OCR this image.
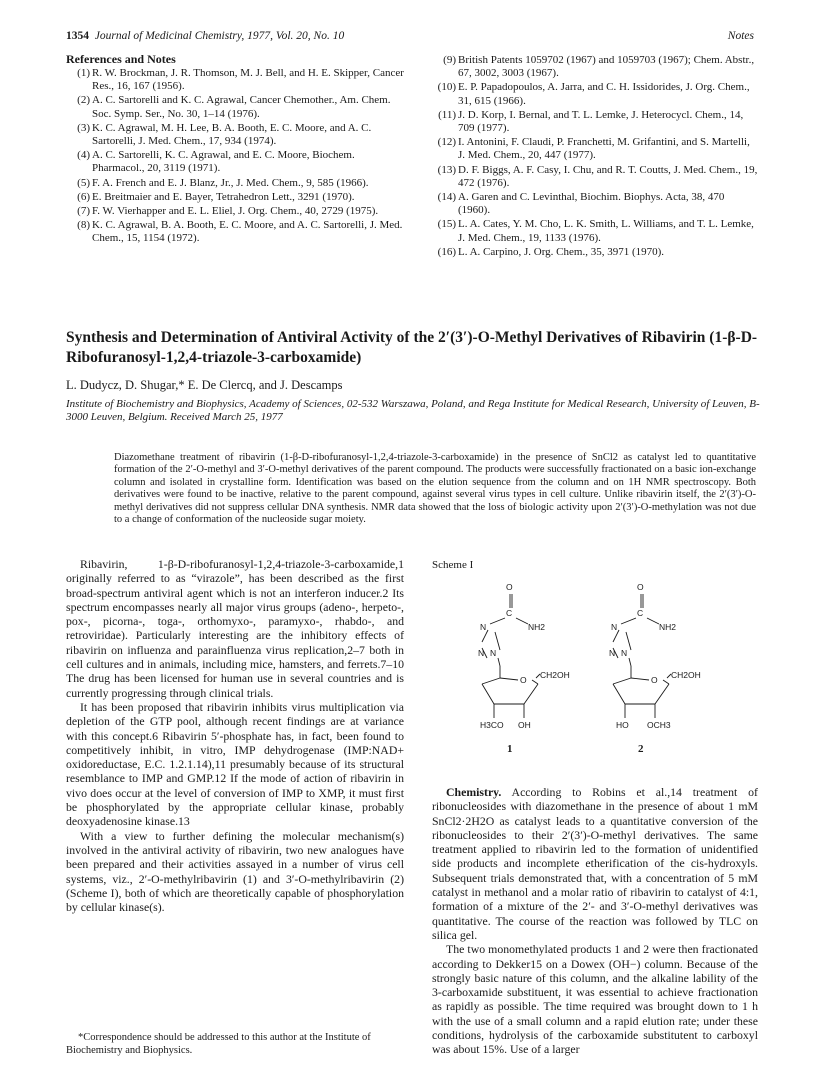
1354 Journal of Medicinal Chemistry, 1977, Vol. 20, No. 10	Notes
References and Notes
(1) R. W. Brockman, J. R. Thomson, M. J. Bell, and H. E. Skipper, Cancer Res., 16, 167 (1956).
(2) A. C. Sartorelli and K. C. Agrawal, Cancer Chemother., Am. Chem. Soc. Symp. Ser., No. 30, 1–14 (1976).
(3) K. C. Agrawal, M. H. Lee, B. A. Booth, E. C. Moore, and A. C. Sartorelli, J. Med. Chem., 17, 934 (1974).
(4) A. C. Sartorelli, K. C. Agrawal, and E. C. Moore, Biochem. Pharmacol., 20, 3119 (1971).
(5) F. A. French and E. J. Blanz, Jr., J. Med. Chem., 9, 585 (1966).
(6) E. Breitmaier and E. Bayer, Tetrahedron Lett., 3291 (1970).
(7) F. W. Vierhapper and E. L. Eliel, J. Org. Chem., 40, 2729 (1975).
(8) K. C. Agrawal, B. A. Booth, E. C. Moore, and A. C. Sartorelli, J. Med. Chem., 15, 1154 (1972).
(9) British Patents 1059702 (1967) and 1059703 (1967); Chem. Abstr., 67, 3002, 3003 (1967).
(10) E. P. Papadopoulos, A. Jarra, and C. H. Issidorides, J. Org. Chem., 31, 615 (1966).
(11) J. D. Korp, I. Bernal, and T. L. Lemke, J. Heterocycl. Chem., 14, 709 (1977).
(12) I. Antonini, F. Claudi, P. Franchetti, M. Grifantini, and S. Martelli, J. Med. Chem., 20, 447 (1977).
(13) D. F. Biggs, A. F. Casy, I. Chu, and R. T. Coutts, J. Med. Chem., 19, 472 (1976).
(14) A. Garen and C. Levinthal, Biochim. Biophys. Acta, 38, 470 (1960).
(15) L. A. Cates, Y. M. Cho, L. K. Smith, L. Williams, and T. L. Lemke, J. Med. Chem., 19, 1133 (1976).
(16) L. A. Carpino, J. Org. Chem., 35, 3971 (1970).
Synthesis and Determination of Antiviral Activity of the 2′(3′)-O-Methyl Derivatives of Ribavirin (1-β-D-Ribofuranosyl-1,2,4-triazole-3-carboxamide)
L. Dudycz, D. Shugar,* E. De Clercq, and J. Descamps
Institute of Biochemistry and Biophysics, Academy of Sciences, 02-532 Warszawa, Poland, and Rega Institute for Medical Research, University of Leuven, B-3000 Leuven, Belgium. Received March 25, 1977

Diazomethane treatment of ribavirin (1-β-D-ribofuranosyl-1,2,4-triazole-3-carboxamide) in the presence of SnCl2 as catalyst led to quantitative formation of the 2′-O-methyl and 3′-O-methyl derivatives of the parent compound. The products were successfully fractionated on a basic ion-exchange column and isolated in crystalline form. Identification was based on the elution sequence from the column and on 1H NMR spectroscopy. Both derivatives were found to be inactive, relative to the parent compound, against several virus types in cell culture. Unlike ribavirin itself, the 2′(3′)-O-methyl derivatives did not suppress cellular DNA synthesis. NMR data showed that the loss of biologic activity upon 2′(3′)-O-methylation was not due to a change of conformation of the nucleoside sugar moiety.

Ribavirin, 1-β-D-ribofuranosyl-1,2,4-triazole-3-carboxamide,1 originally referred to as “virazole”, has been described as the first broad-spectrum antiviral agent which is not an interferon inducer.2 Its spectrum encompasses nearly all major virus groups (adeno-, herpeto-, pox-, picorna-, toga-, orthomyxo-, paramyxo-, rhabdo-, and retroviridae). Particularly interesting are the inhibitory effects of ribavirin on influenza and parainfluenza virus replication,2–7 both in cell cultures and in animals, including mice, hamsters, and ferrets.7–10 The drug has been licensed for human use in several countries and is currently progressing through clinical trials.

It has been proposed that ribavirin inhibits virus multiplication via depletion of the GTP pool, although recent findings are at variance with this concept.6 Ribavirin 5′-phosphate has, in fact, been found to competitively inhibit, in vitro, IMP dehydrogenase (IMP:NAD+ oxidoreductase, E.C. 1.2.1.14),11 presumably because of its structural resemblance to IMP and GMP.12 If the mode of action of ribavirin in vivo does occur at the level of conversion of IMP to XMP, it must first be phosphorylated by the appropriate cellular kinase, probably deoxyadenosine kinase.13

With a view to further defining the molecular mechanism(s) involved in the antiviral activity of ribavirin, two new analogues have been prepared and their activities assayed in a number of virus cell systems, viz., 2′-O-methylribavirin (1) and 3′-O-methylribavirin (2) (Scheme I), both of which are theoretically capable of phosphorylation by cellular kinase(s).

*Correspondence should be addressed to this author at the Institute of Biochemistry and Biophysics.

Scheme I
O
C
NH2
N
N N
O CH2OH
H3CO OH
1
O
C
NH2
N
N N
O CH2OH
HO OCH3
2

Chemistry. According to Robins et al.,14 treatment of ribonucleosides with diazomethane in the presence of about 1 mM SnCl2·2H2O as catalyst leads to a quantitative conversion of the ribonucleosides to their 2′(3′)-O-methyl derivatives. The same treatment applied to ribavirin led to the formation of unidentified side products and incomplete etherification of the cis-hydroxyls. Subsequent trials demonstrated that, with a concentration of 5 mM catalyst in methanol and a molar ratio of ribavirin to catalyst of 4:1, formation of a mixture of the 2′- and 3′-O-methyl derivatives was quantitative. The course of the reaction was followed by TLC on silica gel.

The two monomethylated products 1 and 2 were then fractionated according to Dekker15 on a Dowex (OH−) column. Because of the strongly basic nature of this column, and the alkaline lability of the 3-carboxamide substituent, it was essential to achieve fractionation as rapidly as possible. The time required was brought down to 1 h with the use of a small column and a rapid elution rate; under these conditions, hydrolysis of the carboxamide substitutent to carboxyl was about 15%. Use of a larger
